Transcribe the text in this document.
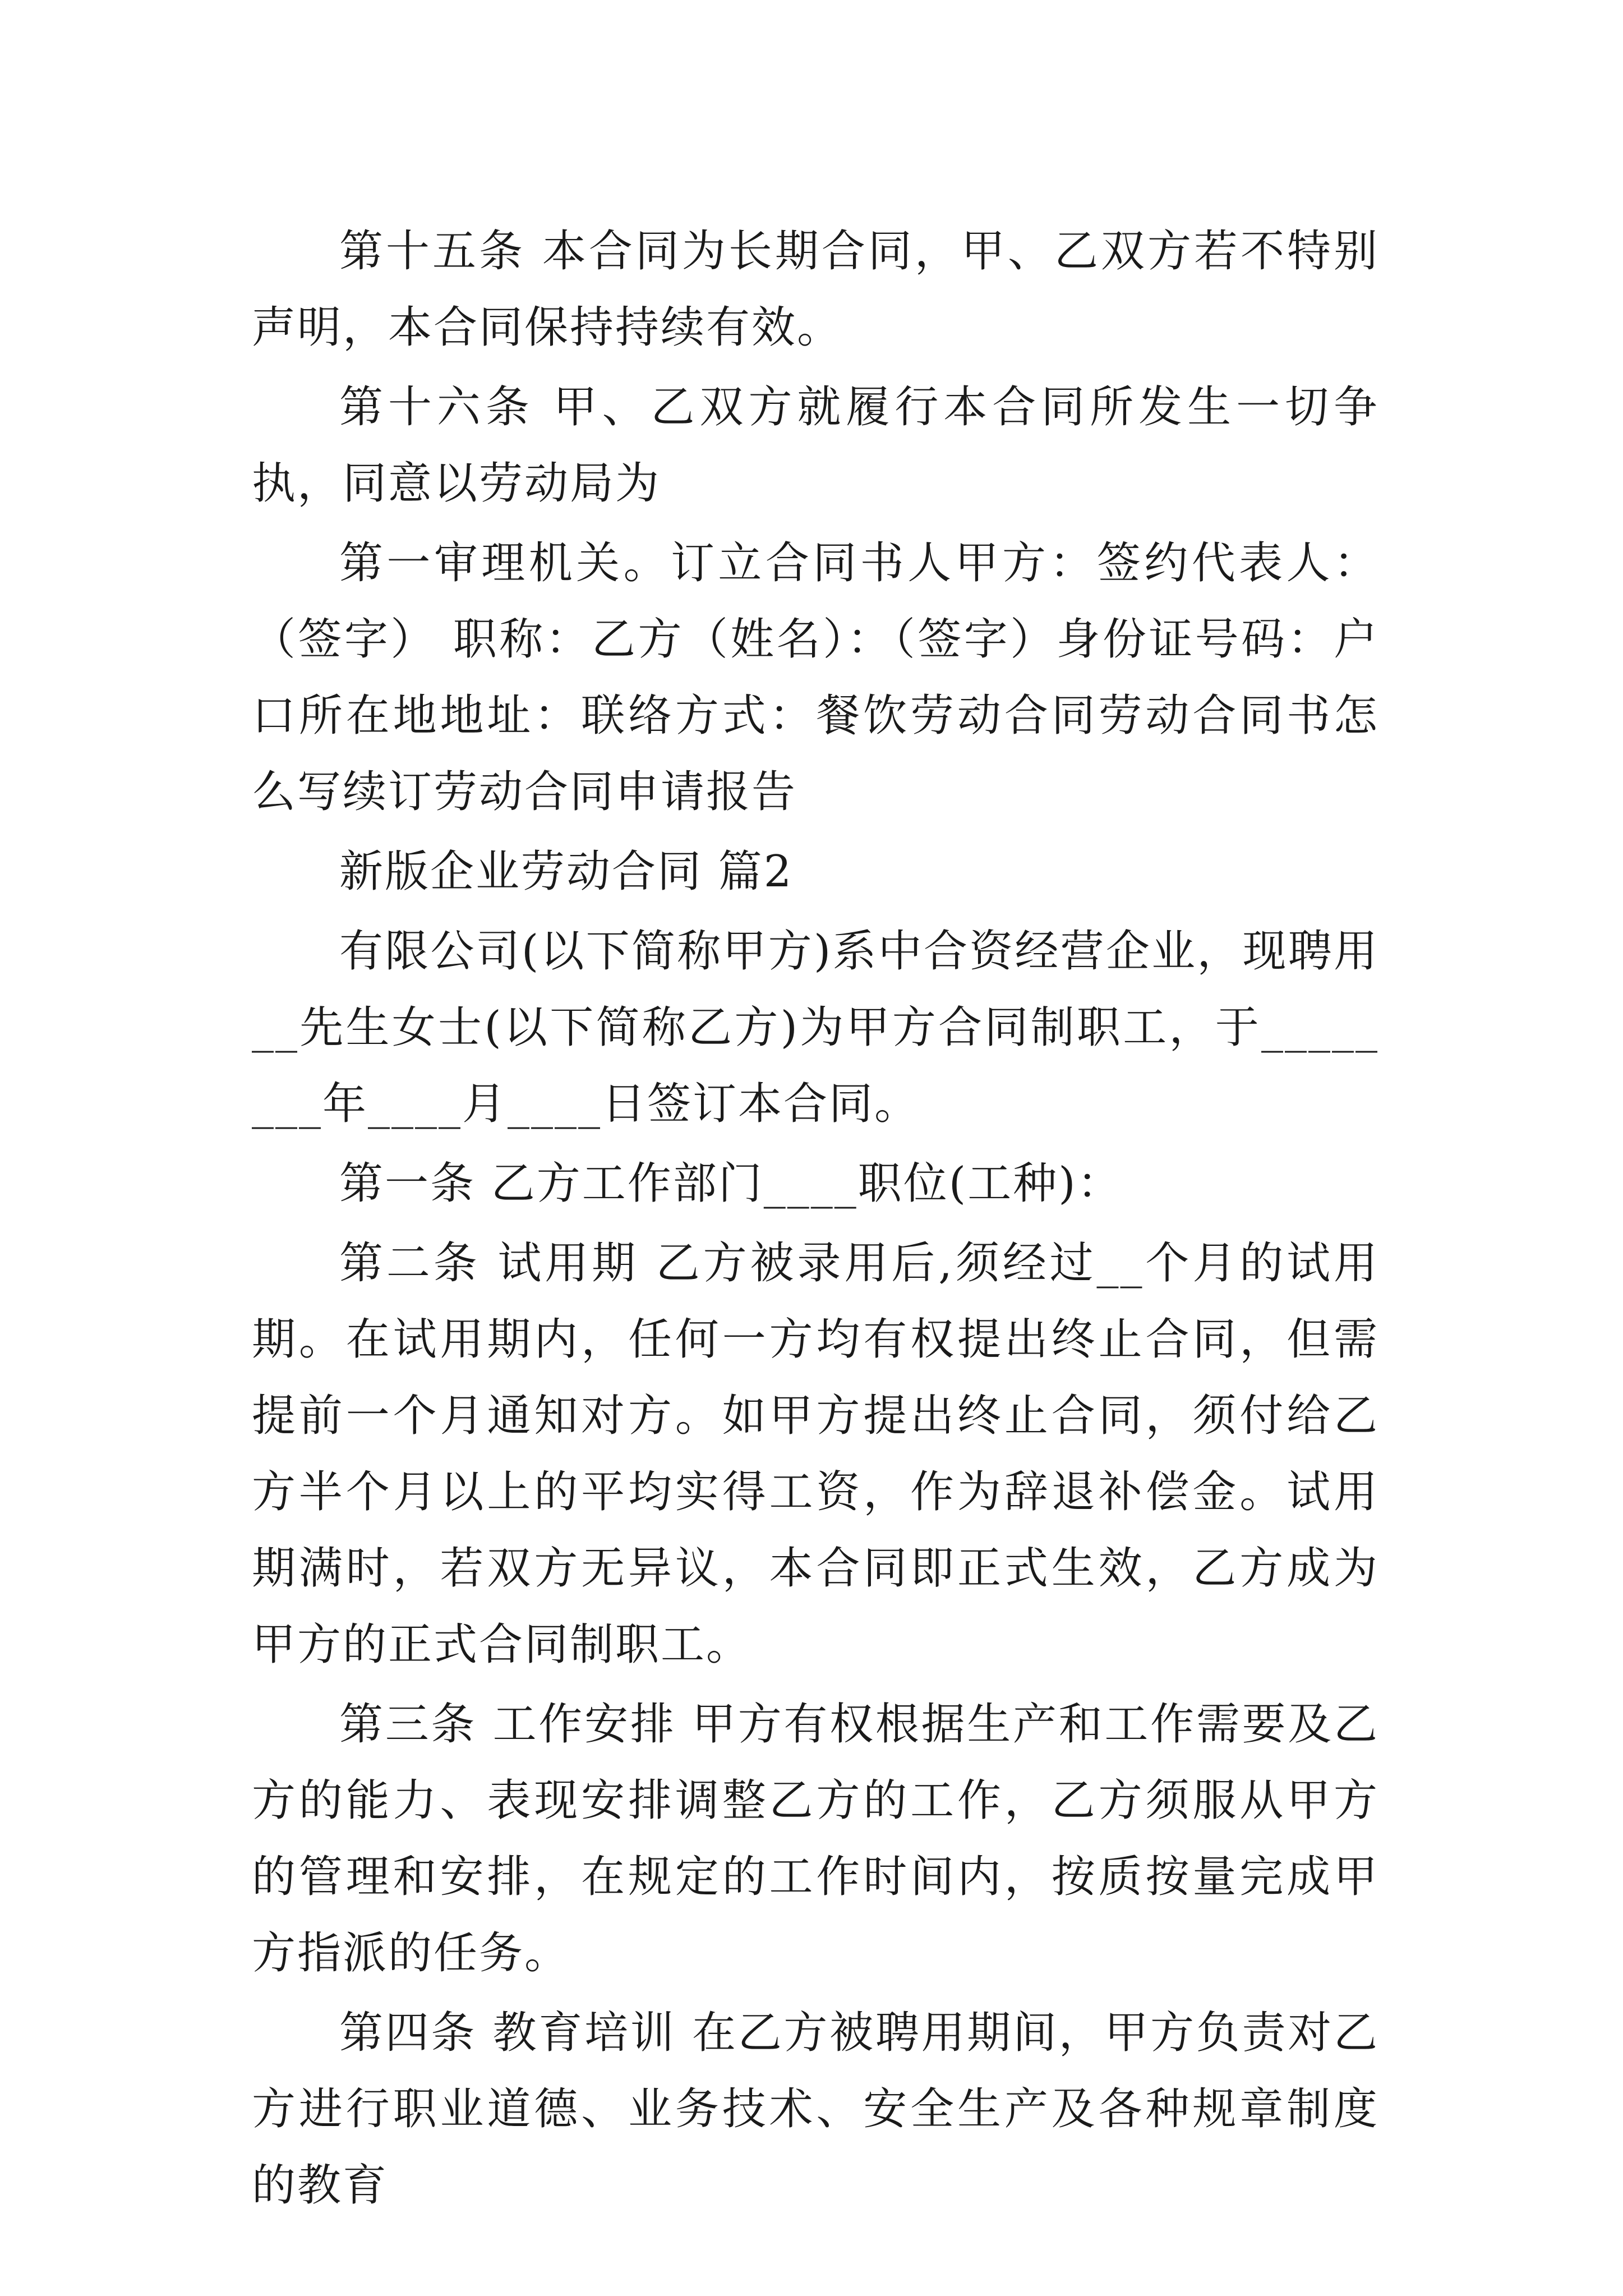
第十五条 本合同为长期合同，甲、乙双方若不特别声明，本合同保持持续有效。

第十六条 甲、乙双方就履行本合同所发生一切争执，同意以劳动局为

第一审理机关。订立合同书人甲方：签约代表人：（签字） 职称：乙方（姓名）：（签字）身份证号码：户口所在地地址：联络方式：餐饮劳动合同劳动合同书怎么写续订劳动合同申请报告

新版企业劳动合同 篇2

有限公司(以下简称甲方)系中合资经营企业，现聘用__先生女士(以下简称乙方)为甲方合同制职工，于________年____月____日签订本合同。

第一条 乙方工作部门____职位(工种)：

第二条 试用期 乙方被录用后,须经过__个月的试用期。在试用期内，任何一方均有权提出终止合同，但需提前一个月通知对方。如甲方提出终止合同，须付给乙方半个月以上的平均实得工资，作为辞退补偿金。试用期满时，若双方无异议，本合同即正式生效，乙方成为甲方的正式合同制职工。

第三条 工作安排 甲方有权根据生产和工作需要及乙方的能力、表现安排调整乙方的工作，乙方须服从甲方的管理和安排，在规定的工作时间内，按质按量完成甲方指派的任务。

第四条 教育培训 在乙方被聘用期间，甲方负责对乙方进行职业道德、业务技术、安全生产及各种规章制度的教育
